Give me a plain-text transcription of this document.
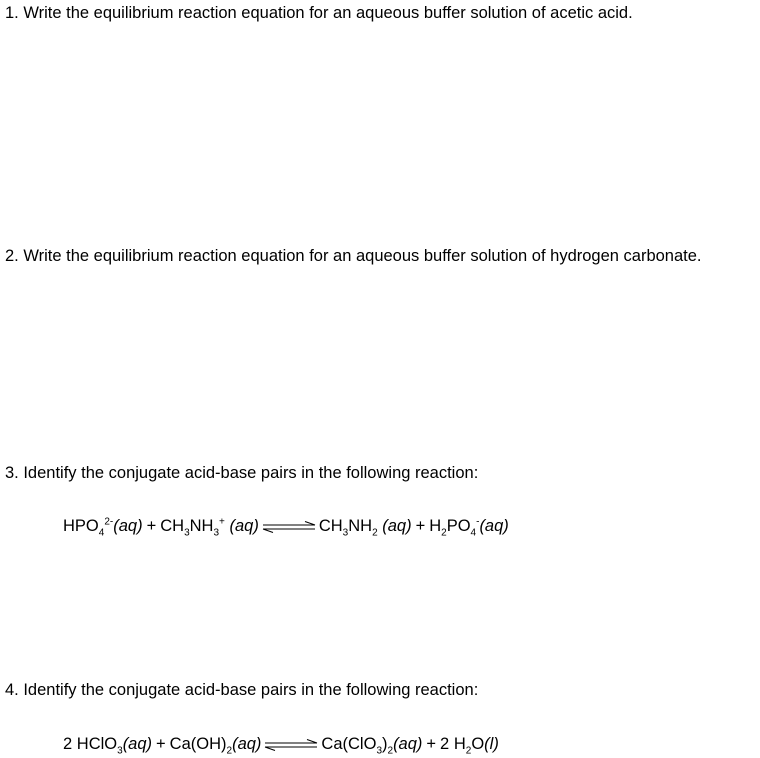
1. Write the equilibrium reaction equation for an aqueous buffer solution of acetic acid.

2. Write the equilibrium reaction equation for an aqueous buffer solution of hydrogen carbonate.

3. Identify the conjugate acid-base pairs in the following reaction:

$HPO_4^{2-}(aq) + CH_3NH_3^+$ (aq) ⇌ $CH_3NH_2$ $(aq) + H_2PO_4^-(aq)$

4. Identify the conjugate acid-base pairs in the following reaction:

2 HClO$_3$(aq) + $Ca(OH)_2(aq)$ ⇌ $Ca(ClO_3)_2(aq) + 2$ $H_2O(l)$
